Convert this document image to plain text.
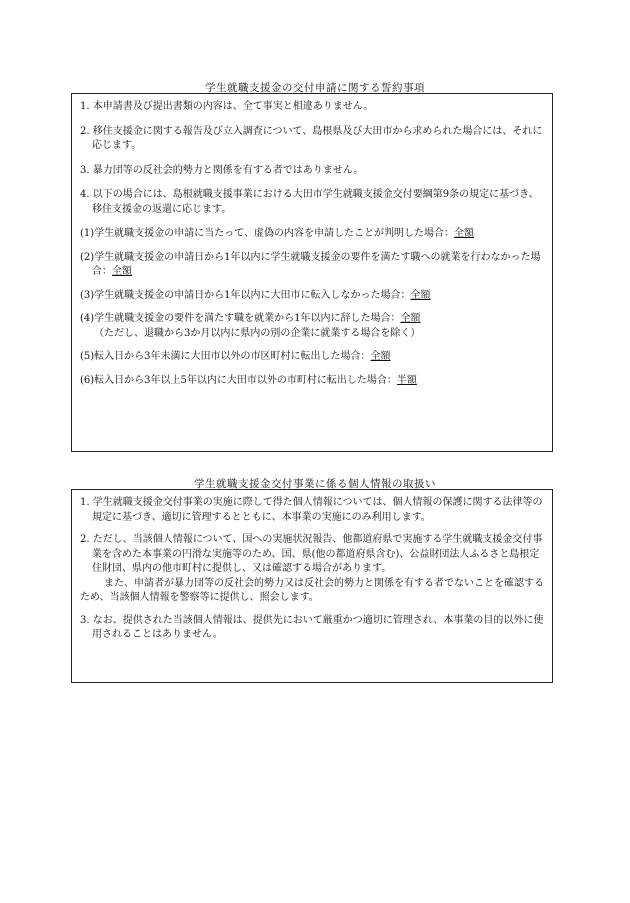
学生就職支援金の交付申請に関する誓約事項

1. 本申請書及び提出書類の内容は、全て事実と相違ありません。

2. 移住支援金に関する報告及び立入調査について、島根県及び大田市から求められた場合には、それに応じます。

3. 暴力団等の反社会的勢力と関係を有する者ではありません。

4. 以下の場合には、島根就職支援事業における大田市学生就職支援金交付要綱第9条の規定に基づき、移住支援金の返還に応じます。

(1)学生就職支援金の申請に当たって、虚偽の内容を申請したことが判明した場合：全額

(2)学生就職支援金の申請日から1年以内に学生就職支援金の要件を満たす職への就業を行わなかった場合：全額

(3)学生就職支援金の申請日から1年以内に大田市に転入しなかった場合：全額

(4)学生就職支援金の要件を満たす職を就業から1年以内に辞した場合：全額
（ただし、退職から3か月以内に県内の別の企業に就業する場合を除く）

(5)転入日から3年未満に大田市以外の市区町村に転出した場合：全額

(6)転入日から3年以上5年以内に大田市以外の市町村に転出した場合：半額

学生就職支援金交付事業に係る個人情報の取扱い

1. 学生就職支援金交付事業の実施に際して得た個人情報については、個人情報の保護に関する法律等の規定に基づき、適切に管理するとともに、本事業の実施にのみ利用します。

2. ただし、当該個人情報について、国への実施状況報告、他都道府県で実施する学生就職支援金交付事業を含めた本事業の円滑な実施等のため、国、県(他の都道府県含む)、公益財団法人ふるさと島根定住財団、県内の他市町村に提供し、又は確認する場合があります。

また、申請者が暴力団等の反社会的勢力又は反社会的勢力と関係を有する者でないことを確認するため、当該個人情報を警察等に提供し、照会します。

3. なお、提供された当該個人情報は、提供先において厳重かつ適切に管理され、本事業の目的以外に使用されることはありません。
